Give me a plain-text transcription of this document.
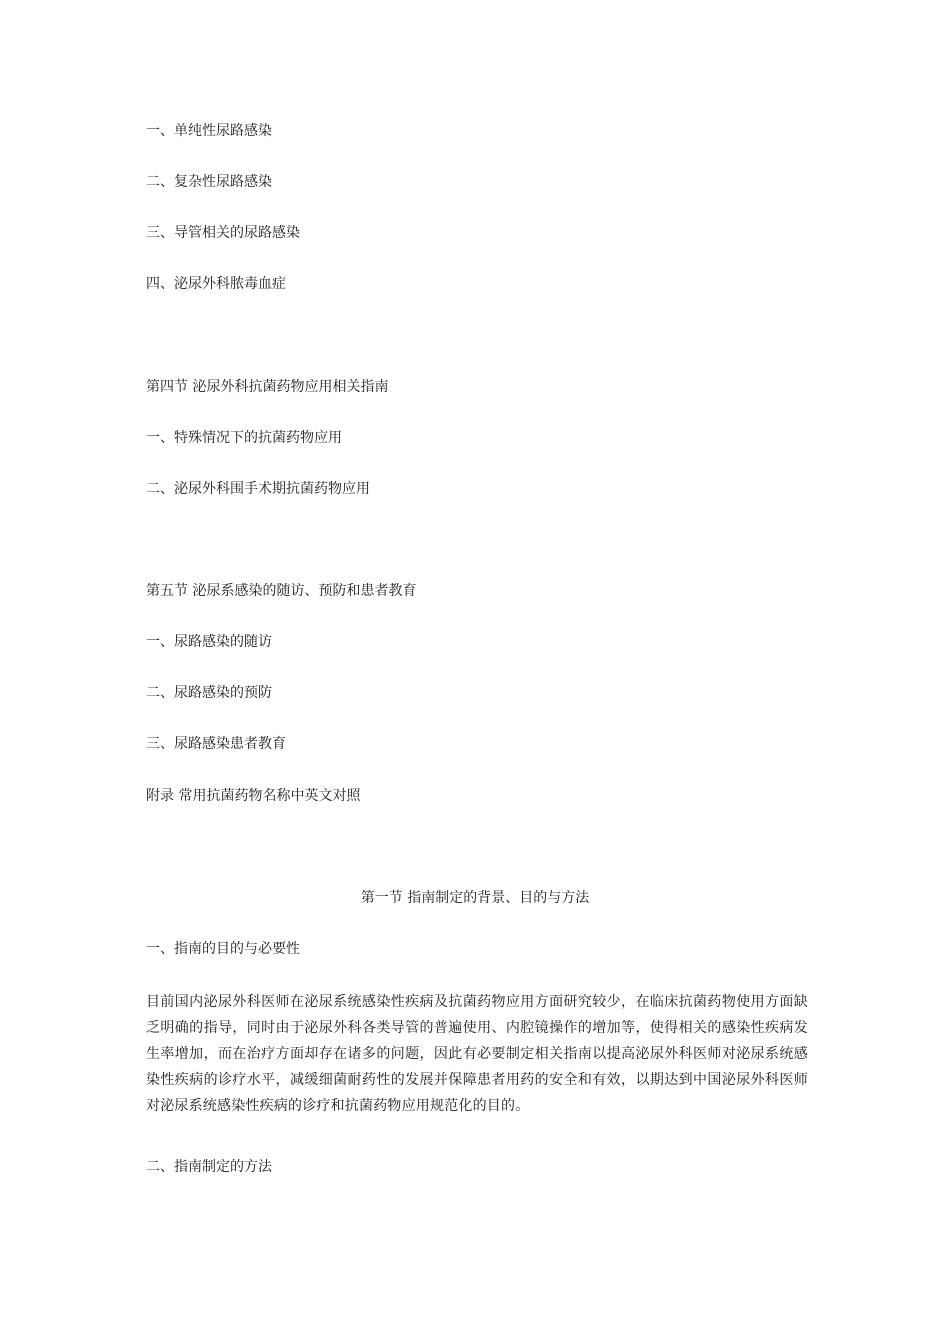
一、单纯性尿路感染
二、复杂性尿路感染
三、导管相关的尿路感染
四、泌尿外科脓毒血症
第四节 泌尿外科抗菌药物应用相关指南
一、特殊情况下的抗菌药物应用
二、泌尿外科围手术期抗菌药物应用
第五节 泌尿系感染的随访、预防和患者教育
一、尿路感染的随访
二、尿路感染的预防
三、尿路感染患者教育
附录 常用抗菌药物名称中英文对照
第一节 指南制定的背景、目的与方法
一、指南的目的与必要性
目前国内泌尿外科医师在泌尿系统感染性疾病及抗菌药物应用方面研究较少，在临床抗菌药物使用方面缺乏明确的指导，同时由于泌尿外科各类导管的普遍使用、内腔镜操作的增加等，使得相关的感染性疾病发生率增加，而在治疗方面却存在诸多的问题，因此有必要制定相关指南以提高泌尿外科医师对泌尿系统感染性疾病的诊疗水平，减缓细菌耐药性的发展并保障患者用药的安全和有效，以期达到中国泌尿外科医师对泌尿系统感染性疾病的诊疗和抗菌药物应用规范化的目的。
二、指南制定的方法
